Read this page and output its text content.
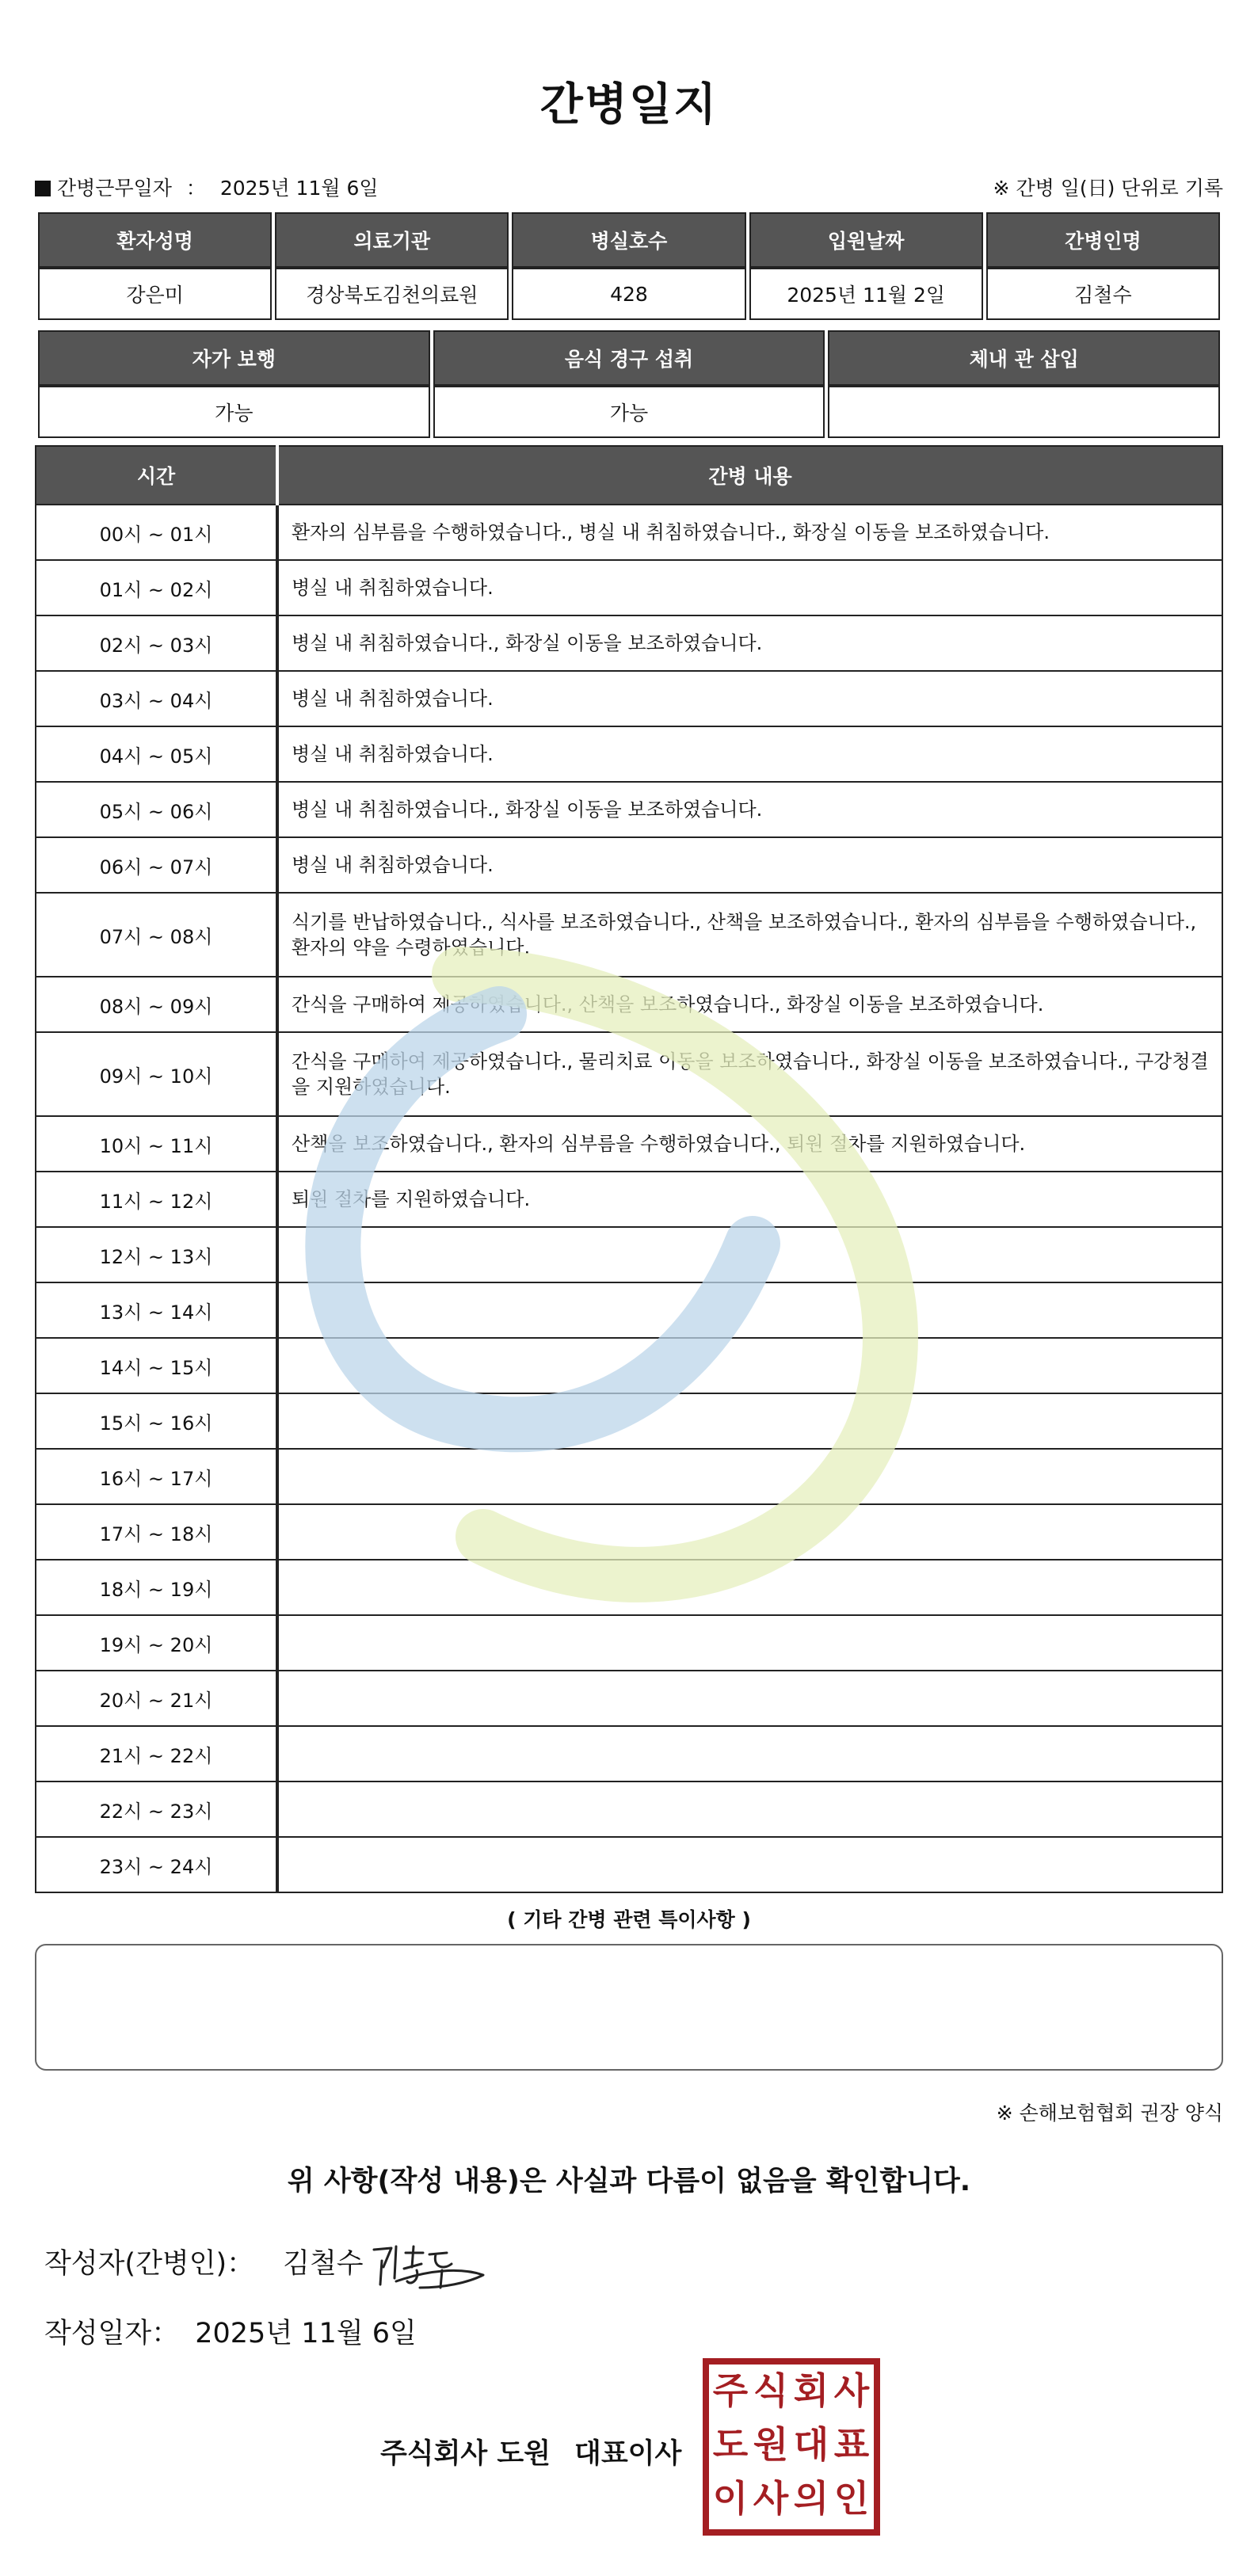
간병일지
간병근무일자 ： 2025년 11월 6일	※ 간병 일(日) 단위로 기록
환자성명	의료기관	병실호수	입원날짜	간병인명
강은미	경상북도김천의료원	428	2025년 11월 2일	김철수
자가 보행	음식 경구 섭취	체내 관 삽입
가능	가능	
시간	간병 내용
00시 ~ 01시	환자의 심부름을 수행하였습니다., 병실 내 취침하였습니다., 화장실 이동을 보조하였습니다.
01시 ~ 02시	병실 내 취침하였습니다.
02시 ~ 03시	병실 내 취침하였습니다., 화장실 이동을 보조하였습니다.
03시 ~ 04시	병실 내 취침하였습니다.
04시 ~ 05시	병실 내 취침하였습니다.
05시 ~ 06시	병실 내 취침하였습니다., 화장실 이동을 보조하였습니다.
06시 ~ 07시	병실 내 취침하였습니다.
07시 ~ 08시	식기를 반납하였습니다., 식사를 보조하였습니다., 산책을 보조하였습니다., 환자의 심부름을 수행하였습니다., 환자의 약을 수령하였습니다.
08시 ~ 09시	간식을 구매하여 제공하였습니다., 산책을 보조하였습니다., 화장실 이동을 보조하였습니다.
09시 ~ 10시	간식을 구매하여 제공하였습니다., 물리치료 이동을 보조하였습니다., 화장실 이동을 보조하였습니다., 구강청결을 지원하였습니다.
10시 ~ 11시	산책을 보조하였습니다., 환자의 심부름을 수행하였습니다., 퇴원 절차를 지원하였습니다.
11시 ~ 12시	퇴원 절차를 지원하였습니다.
12시 ~ 13시	
13시 ~ 14시	
14시 ~ 15시	
15시 ~ 16시	
16시 ~ 17시	
17시 ~ 18시	
18시 ~ 19시	
19시 ~ 20시	
20시 ~ 21시	
21시 ~ 22시	
22시 ~ 23시	
23시 ~ 24시	
( 기타 간병 관련 특이사항 )
※ 손해보험협회 권장 양식
위 사항(작성 내용)은 사실과 다름이 없음을 확인합니다.
작성자(간병인)： 김철수
작성일자： 2025년 11월 6일
주식회사 도원 대표이사
주 식 회 사
도 원 대 표
이 사 의 인
